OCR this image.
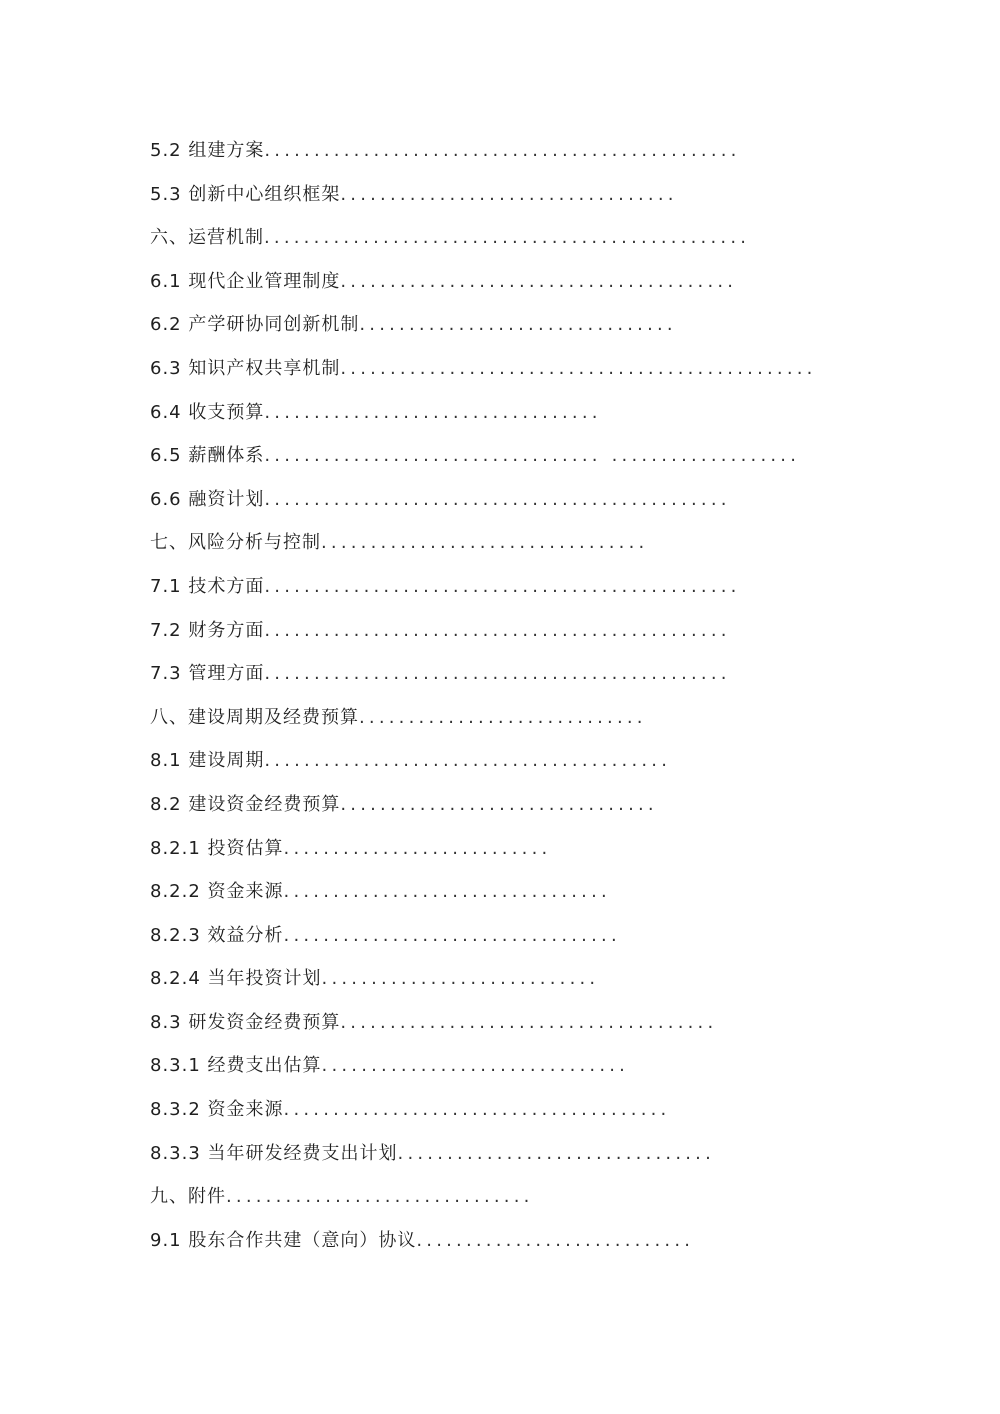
5.2 组建方案................................................
5.3 创新中心组织框架..................................
六、运营机制.................................................
6.1 现代企业管理制度........................................
6.2 产学研协同创新机制................................
6.3 知识产权共享机制................................................
6.4 收支预算..................................
6.5 薪酬体系.................................. ...................
6.6 融资计划...............................................
七、风险分析与控制.................................
7.1 技术方面................................................
7.2 财务方面...............................................
7.3 管理方面...............................................
八、建设周期及经费预算.............................
8.1 建设周期.........................................
8.2 建设资金经费预算................................
8.2.1 投资估算...........................
8.2.2 资金来源.................................
8.2.3 效益分析..................................
8.2.4 当年投资计划............................
8.3 研发资金经费预算......................................
8.3.1 经费支出估算...............................
8.3.2 资金来源.......................................
8.3.3 当年研发经费支出计划................................
九、附件...............................
9.1 股东合作共建（意向）协议............................
